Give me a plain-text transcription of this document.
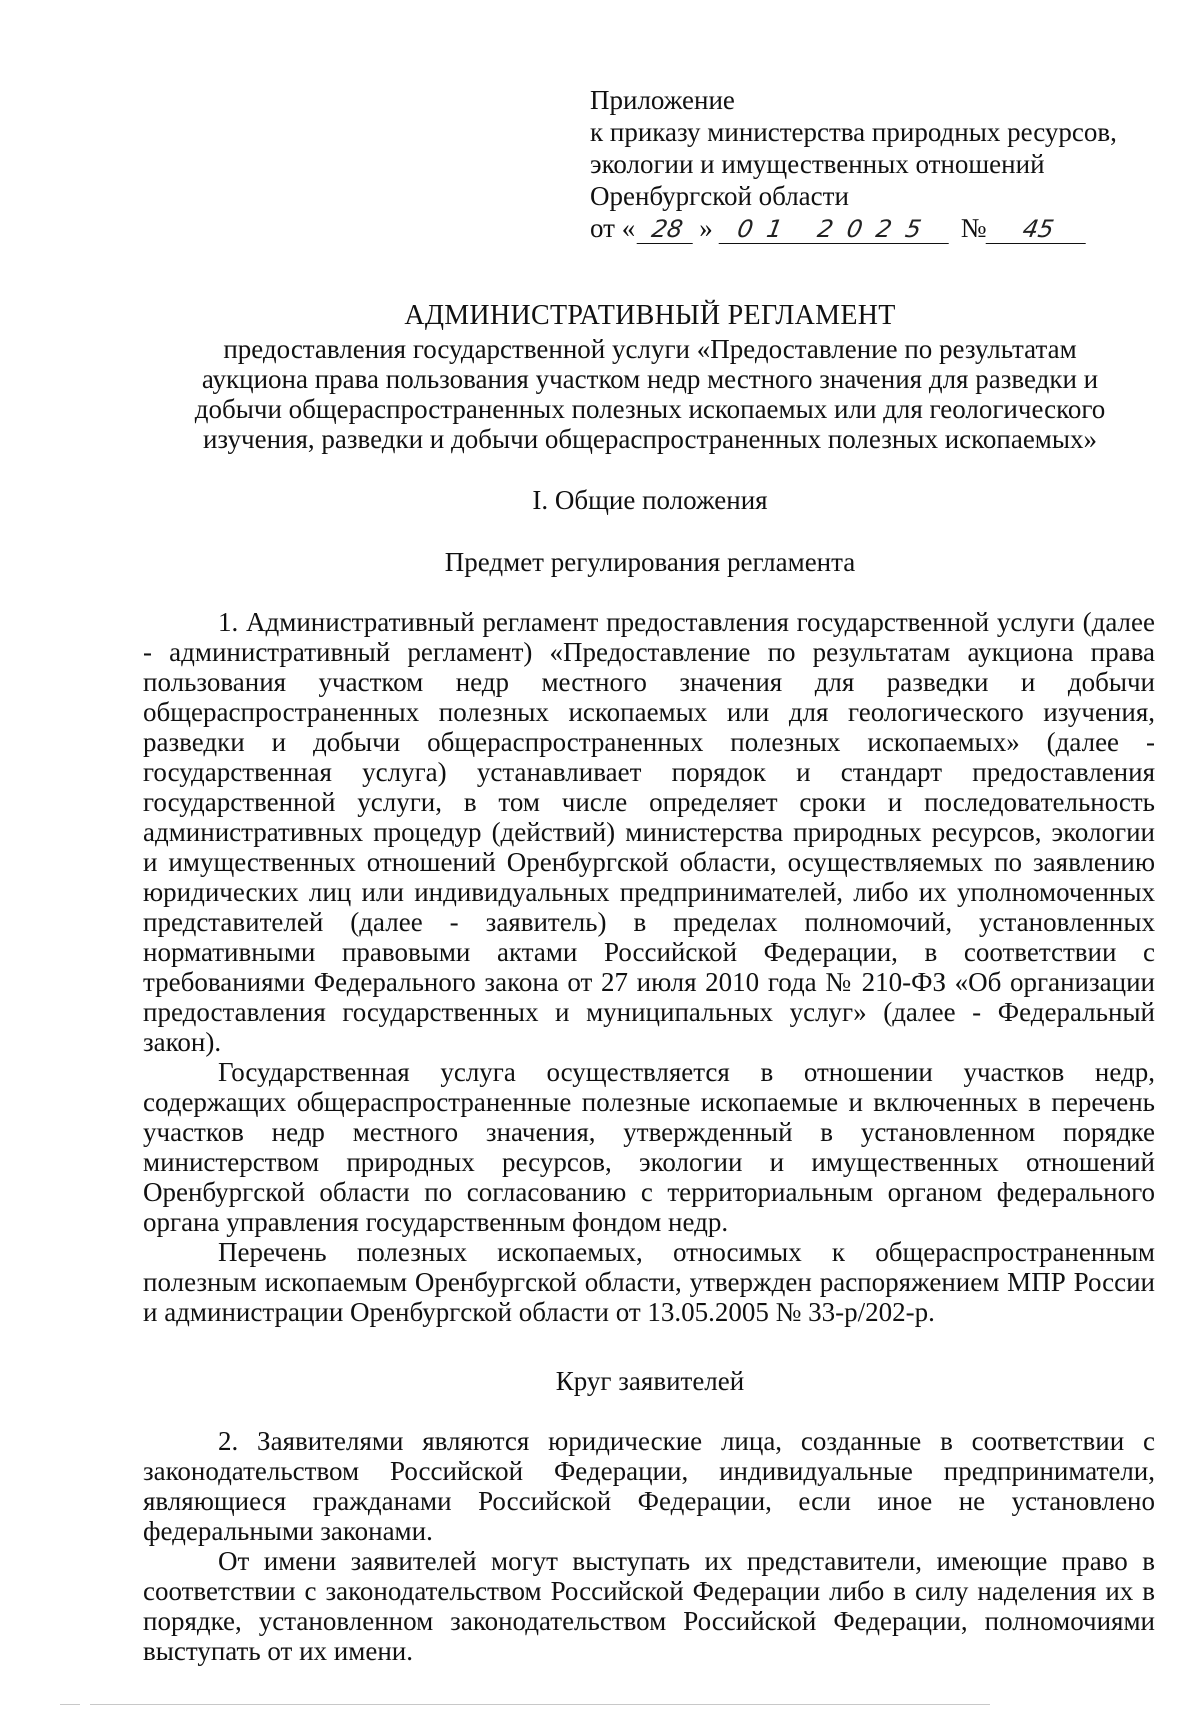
Приложение
к приказу министерства природных ресурсов,
экологии и имущественных отношений
Оренбургской области
от « 28 » 01 2025 №	45
АДМИНИСТРАТИВНЫЙ РЕГЛАМЕНТ
предоставления государственной услуги «Предоставление по результатам
аукциона права пользования участком недр местного значения для разведки и
добычи общераспространенных полезных ископаемых или для геологического
изучения, разведки и добычи общераспространенных полезных ископаемых»
I. Общие положения
Предмет регулирования регламента

1. Административный регламент предоставления государственной услуги (далее - административный регламент) «Предоставление по результатам аукциона права пользования участком недр местного значения для разведки и добычи общераспространенных полезных ископаемых или для геологического изучения, разведки и добычи общераспространенных полезных ископаемых» (далее - государственная услуга) устанавливает порядок и стандарт предоставления государственной услуги, в том числе определяет сроки и последовательность административных процедур (действий) министерства природных ресурсов, экологии и имущественных отношений Оренбургской области, осуществляемых по заявлению юридических лиц или индивидуальных предпринимателей, либо их уполномоченных представителей (далее - заявитель) в пределах полномочий, установленных нормативными правовыми актами Российской Федерации, в соответствии с требованиями Федерального закона от 27 июля 2010 года № 210-ФЗ «Об организации предоставления государственных и муниципальных услуг» (далее - Федеральный закон).

Государственная услуга осуществляется в отношении участков недр, содержащих общераспространенные полезные ископаемые и включенных в перечень участков недр местного значения, утвержденный в установленном порядке министерством природных ресурсов, экологии и имущественных отношений Оренбургской области по согласованию с территориальным органом федерального органа управления государственным фондом недр.

Перечень полезных ископаемых, относимых к общераспространенным полезным ископаемым Оренбургской области, утвержден распоряжением МПР России и администрации Оренбургской области от 13.05.2005 № 33-р/202-р.

Круг заявителей

2. Заявителями являются юридические лица, созданные в соответствии с законодательством Российской Федерации, индивидуальные предприниматели, являющиеся гражданами Российской Федерации, если иное не установлено федеральными законами.

От имени заявителей могут выступать их представители, имеющие право в соответствии с законодательством Российской Федерации либо в силу наделения их в порядке, установленном законодательством Российской Федерации, полномочиями выступать от их имени.
